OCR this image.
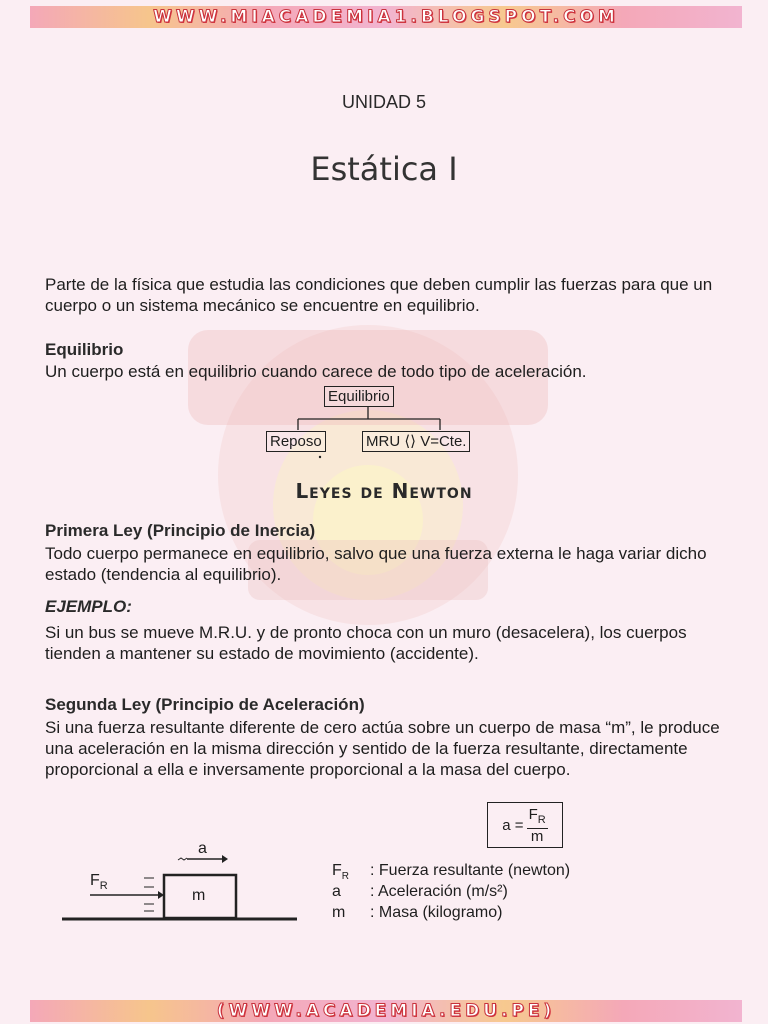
WWW.MIACADEMIA1.BLOGSPOT.COM
(WWW.ACADEMIA.EDU.PE)
UNIDAD 5
Estática I
Parte de la física que estudia las condiciones que deben cumplir las fuerzas para que un cuerpo o un sistema mecánico se encuentre en equilibrio.
Equilibrio
Un cuerpo está en equilibrio cuando carece de todo tipo de aceleración.
Equilibrio
Reposo	MRU ⟨⟩ V=Cte.
Leyes de Newton
Primera Ley (Principio de Inercia)
Todo cuerpo permanece en equilibrio, salvo que una fuerza externa le haga variar dicho estado (tendencia al equilibrio).
EJEMPLO:
Si un bus se mueve M.R.U. y de pronto choca con un muro (desacelera), los cuerpos tienden a mantener su estado de movimiento (accidente).
Segunda Ley (Principio de Aceleración)
Si una fuerza resultante diferente de cero actúa sobre un cuerpo de masa “m”, le produce una aceleración en la misma dirección y sentido de la fuerza resultante, directamente proporcional a ella e inversamente proporcional a la masa del cuerpo.
$a = \frac{F_R}{m}$
$F_R$
a
m
$F_R$ : Fuerza resultante (newton)
a : Aceleración (m/s²)
m : Masa (kilogramo)
